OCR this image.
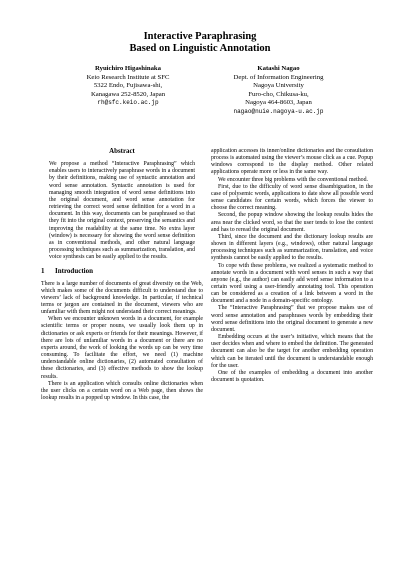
Interactive Paraphrasing
Based on Linguistic Annotation
Ryuichiro Higashinaka
Keio Research Institute at SFC
5322 Endo, Fujisawa-shi,
Kanagawa 252-8520, Japan
rh@sfc.keio.ac.jp
Katashi Nagao
Dept. of Information Engineering
Nagoya University
Furo-cho, Chikusa-ku,
Nagoya 464-8603, Japan
nagao@nuie.nagoya-u.ac.jp
Abstract

We propose a method “Interactive Paraphrasing” which enables users to interactively paraphrase words in a document by their definitions, making use of syntactic annotation and word sense annotation. Syntactic annotation is used for managing smooth integration of word sense definitions into the original document, and word sense annotation for retrieving the correct word sense definition for a word in a document. In this way, documents can be paraphrased so that they fit into the original context, preserving the semantics and improving the readability at the same time. No extra layer (window) is necessary for showing the word sense definition as in conventional methods, and other natural language processing techniques such as summarization, translation, and voice synthesis can be easily applied to the results.

1 Introduction

There is a large number of documents of great diversity on the Web, which makes some of the documents difficult to understand due to viewers’ lack of background knowledge. In particular, if technical terms or jargon are contained in the document, viewers who are unfamiliar with them might not understand their correct meanings.

When we encounter unknown words in a document, for example scientific terms or proper nouns, we usually look them up in dictionaries or ask experts or friends for their meanings. However, if there are lots of unfamiliar words in a document or there are no experts around, the work of looking the words up can be very time consuming. To facilitate the effort, we need (1) machine understandable online dictionaries, (2) automated consultation of these dictionaries, and (3) effective methods to show the lookup results.

There is an application which consults online dictionaries when the user clicks on a certain word on a Web page, then shows the lookup results in a popped up window. In this case, the

application accesses its inner/online dictionaries and the consultation process is automated using the viewer’s mouse click as a cue. Popup windows correspond to the display method. Other related applications operate more or less in the same way.

We encounter three big problems with the conventional method.

First, due to the difficulty of word sense disambiguation, in the case of polysemic words, applications to date show all possible word sense candidates for certain words, which forces the viewer to choose the correct meaning.

Second, the popup window showing the lookup results hides the area near the clicked word, so that the user tends to lose the context and has to reread the original document.

Third, since the document and the dictionary lookup results are shown in different layers (e.g., windows), other natural language processing techniques such as summarization, translation, and voice synthesis cannot be easily applied to the results.

To cope with these problems, we realized a systematic method to annotate words in a document with word senses in such a way that anyone (e.g., the author) can easily add word sense information to a certain word using a user-friendly annotating tool. This operation can be considered as a creation of a link between a word in the document and a node in a domain-specific ontology.

The “Interactive Paraphrasing” that we propose makes use of word sense annotation and paraphrases words by embedding their word sense definitions into the original document to generate a new document.

Embedding occurs at the user’s initiative, which means that the user decides when and where to embed the definition. The generated document can also be the target for another embedding operation which can be iterated until the document is understandable enough for the user.

One of the examples of embedding a document into another document is quotation.
